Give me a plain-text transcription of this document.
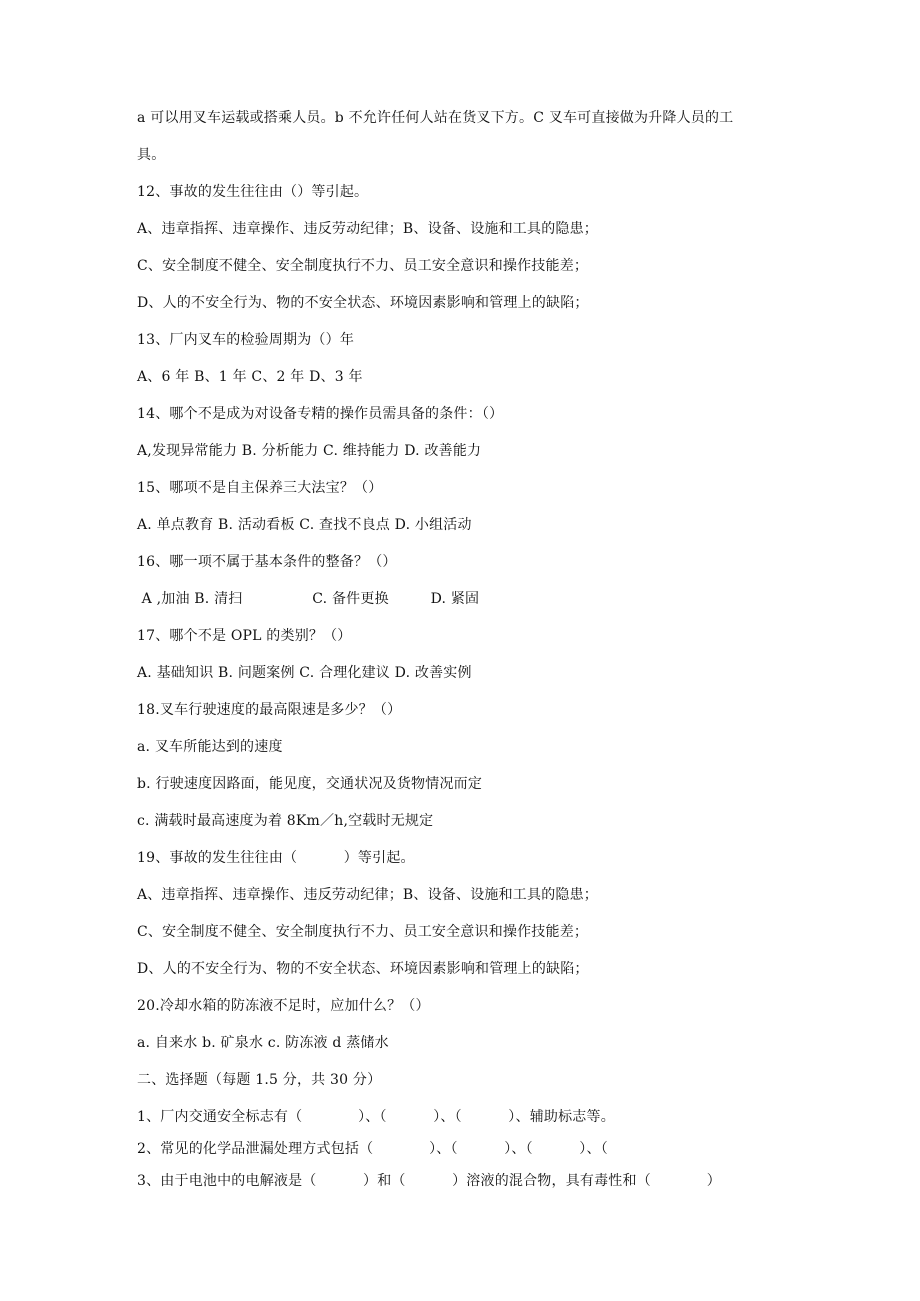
a 可以用叉车运载或搭乘人员。b 不允许任何人站在货叉下方。C 叉车可直接做为升降人员的工
具。
12、事故的发生往往由（）等引起。
A、违章指挥、违章操作、违反劳动纪律；B、设备、设施和工具的隐患；
C、安全制度不健全、安全制度执行不力、员工安全意识和操作技能差；
D、人的不安全行为、物的不安全状态、环境因素影响和管理上的缺陷；
13、厂内叉车的检验周期为（）年
A、6 年 B、1 年 C、2 年 D、3 年
14、哪个不是成为对设备专精的操作员需具备的条件：（）
A,发现异常能力 B. 分析能力 C. 维持能力 D. 改善能力
15、哪项不是自主保养三大法宝？（）
A. 单点教育 B. 活动看板 C. 查找不良点 D. 小组活动
16、哪一项不属于基本条件的整备？（）
A ,加油 B. 清扫               C. 备件更换         D. 紧固
17、哪个不是 OPL 的类别？（）
A. 基础知识 B. 问题案例 C. 合理化建议 D. 改善实例
18.叉车行驶速度的最高限速是多少？（）
a. 叉车所能达到的速度
b. 行驶速度因路面，能见度，交通状况及货物情况而定
c. 满载时最高速度为着 8Km／h,空载时无规定
19、事故的发生往往由（          ）等引起。
A、违章指挥、违章操作、违反劳动纪律；B、设备、设施和工具的隐患；
C、安全制度不健全、安全制度执行不力、员工安全意识和操作技能差；
D、人的不安全行为、物的不安全状态、环境因素影响和管理上的缺陷；
20.冷却水箱的防冻液不足时，应加什么？（）
a. 自来水 b. 矿泉水 c. 防冻液 d 蒸储水
二、选择题（每题 1.5 分，共 30 分）
1、厂内交通安全标志有（            ）、（          ）、（          ）、辅助标志等。
2、常见的化学品泄漏处理方式包括（            ）、（          ）、（          ）、（
3、由于电池中的电解液是（          ）和（          ）溶液的混合物，具有毒性和（            ）
